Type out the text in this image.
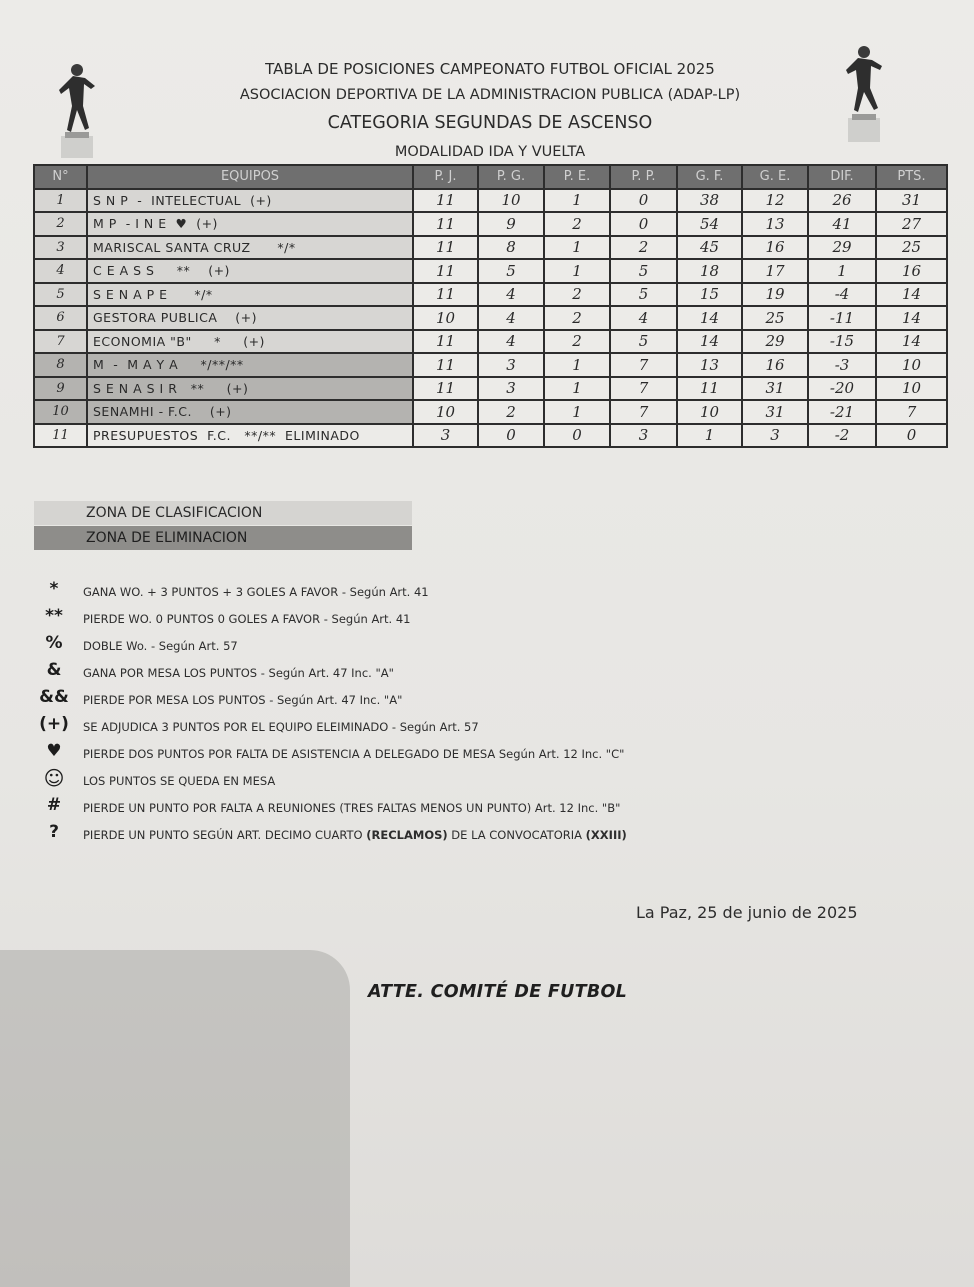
TABLA DE POSICIONES CAMPEONATO FUTBOL OFICIAL 2025

ASOCIACION DEPORTIVA DE LA ADMINISTRACION PUBLICA (ADAP-LP)

CATEGORIA SEGUNDAS DE ASCENSO

MODALIDAD IDA Y VUELTA

N°	EQUIPOS	P. J.	P. G.	P. E.	P. P.	G. F.	G. E.	DIF.	PTS.
1	S N P  -  INTELECTUAL  (+)	11	10	1	0	38	12	26	31
2	M P  - I N E  ♥  (+)	11	9	2	0	54	13	41	27
3	MARISCAL SANTA CRUZ      */*	11	8	1	2	45	16	29	25
4	C E A S S     **    (+)	11	5	1	5	18	17	1	16
5	S E N A P E      */*	11	4	2	5	15	19	-4	14
6	GESTORA PUBLICA    (+)	10	4	2	4	14	25	-11	14
7	ECONOMIA "B"     *     (+)	11	4	2	5	14	29	-15	14
8	M  -  M A Y A     */**/**	11	3	1	7	13	16	-3	10
9	S E N A S I R   **     (+)	11	3	1	7	11	31	-20	10
10	SENAMHI - F.C.    (+)	10	2	1	7	10	31	-21	7
11	PRESUPUESTOS  F.C.   **/**  ELIMINADO	3	0	0	3	1	3	-2	0
ZONA DE CLASIFICACION
ZONA DE ELIMINACION
*	GANA WO. + 3 PUNTOS + 3 GOLES A FAVOR - Según Art. 41
**	PIERDE WO. 0 PUNTOS 0 GOLES A FAVOR - Según Art. 41
%	DOBLE Wo. - Según Art. 57
&	GANA POR MESA LOS PUNTOS - Según Art. 47 Inc. "A"
&&	PIERDE POR MESA LOS PUNTOS - Según Art. 47 Inc. "A"
(+)	SE ADJUDICA 3 PUNTOS POR EL EQUIPO ELEIMINADO - Según Art. 57
♥	PIERDE DOS PUNTOS POR FALTA DE ASISTENCIA A DELEGADO DE MESA Según Art. 12 Inc. "C"
☺	LOS PUNTOS SE QUEDA EN MESA
#	PIERDE UN PUNTO POR FALTA A REUNIONES (TRES FALTAS MENOS UN PUNTO) Art. 12 Inc. "B"
?	PIERDE UN PUNTO SEGÚN ART. DECIMO CUARTO (RECLAMOS) DE LA CONVOCATORIA (XXIII)
La Paz, 25 de junio de 2025
ATTE. COMITÉ DE FUTBOL
